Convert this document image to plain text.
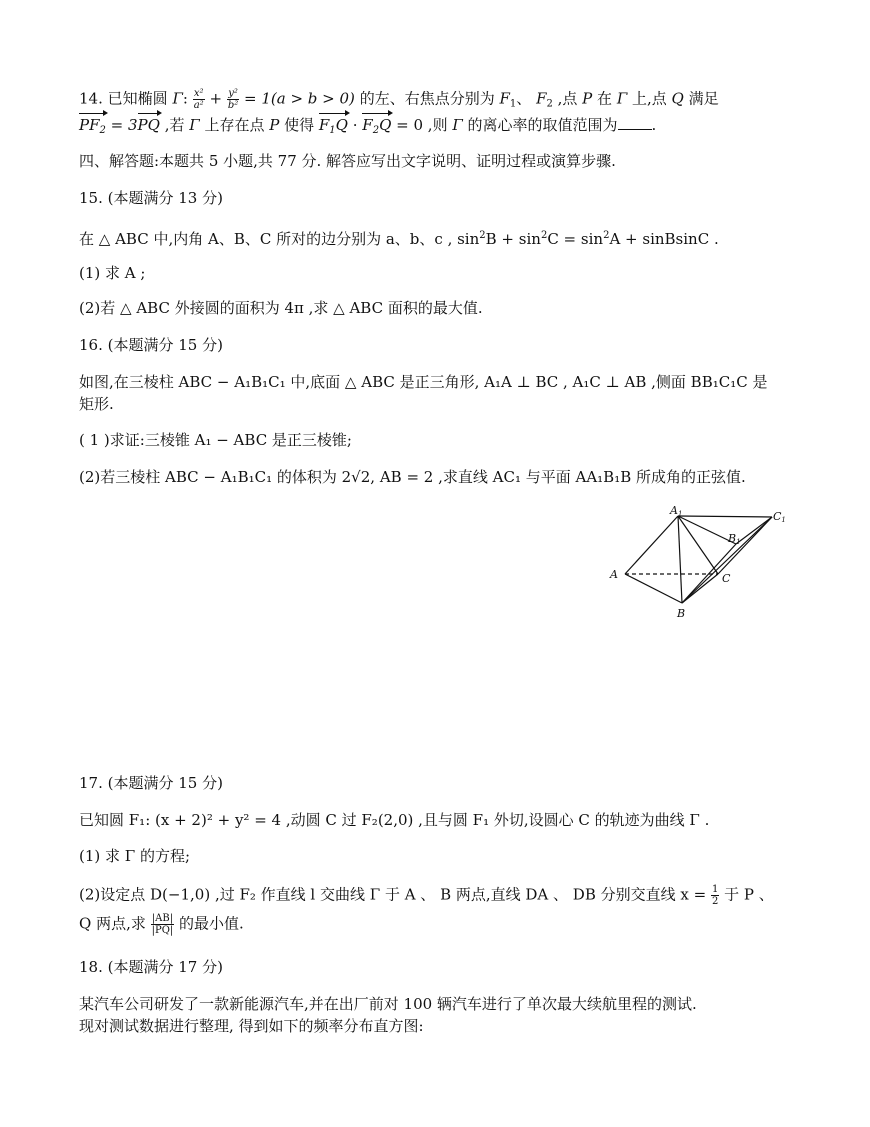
14. 已知椭圆 Γ: $\frac{\text{x²}}{\text{a²}} + \frac{\text{y²}}{\text{b²}} = 1(a > b > 0)$ 的左、右焦点分别为 $F_1$、 $F_2$ ,点 P 在 Γ 上,点 Q 满足
$PF_2 = 3PQ$ ,若 Γ 上存在点 P 使得 $F_1Q \cdot F_2Q = 0$ ,则 Γ 的离心率的取值范围为 .
四、解答题:本题共 5 小题,共 77 分. 解答应写出文字说明、证明过程或演算步骤.
15. (本题满分 13 分)
在 △ ABC 中,内角 A、B、C 所对的边分别为 a、b、c , $\sin^2B + \sin^2C = \sin^2A$ + sinBsinC .
(1) 求 A ;
(2)若 △ ABC 外接圆的面积为 4π ,求 △ ABC 面积的最大值.
16. (本题满分 15 分)
如图,在三棱柱 ABC − A₁B₁C₁ 中,底面 △ ABC 是正三角形, A₁A ⊥ BC , A₁C ⊥ AB ,侧面 BB₁C₁C 是
矩形.
( 1 )求证:三棱锥 A₁ − ABC 是正三棱锥;
(2)若三棱柱 ABC − A₁B₁C₁ 的体积为 2√2, AB = 2 ,求直线 AC₁ 与平面 AA₁B₁B 所成角的正弦值.
A1	C1
B1
A	C
B
17. (本题满分 15 分)
已知圆 F₁: (x + 2)² + y² = 4 ,动圆 C 过 F₂(2,0) ,且与圆 F₁ 外切,设圆心 C 的轨迹为曲线 Γ .
(1) 求 Γ 的方程;
(2)设定点 D(−1,0) ,过 F₂ 作直线 l 交曲线 Γ 于 A 、 B 两点,直线 DA 、 DB 分别交直线 $x = \frac{1}{2}$ 于 P 、
Q 两点,求 $\frac{|AB|}{|PQ|}$ 的最小值.
18. (本题满分 17 分)
某汽车公司研发了一款新能源汽车,并在出厂前对 100 辆汽车进行了单次最大续航里程的测试.
现对测试数据进行整理, 得到如下的频率分布直方图:
